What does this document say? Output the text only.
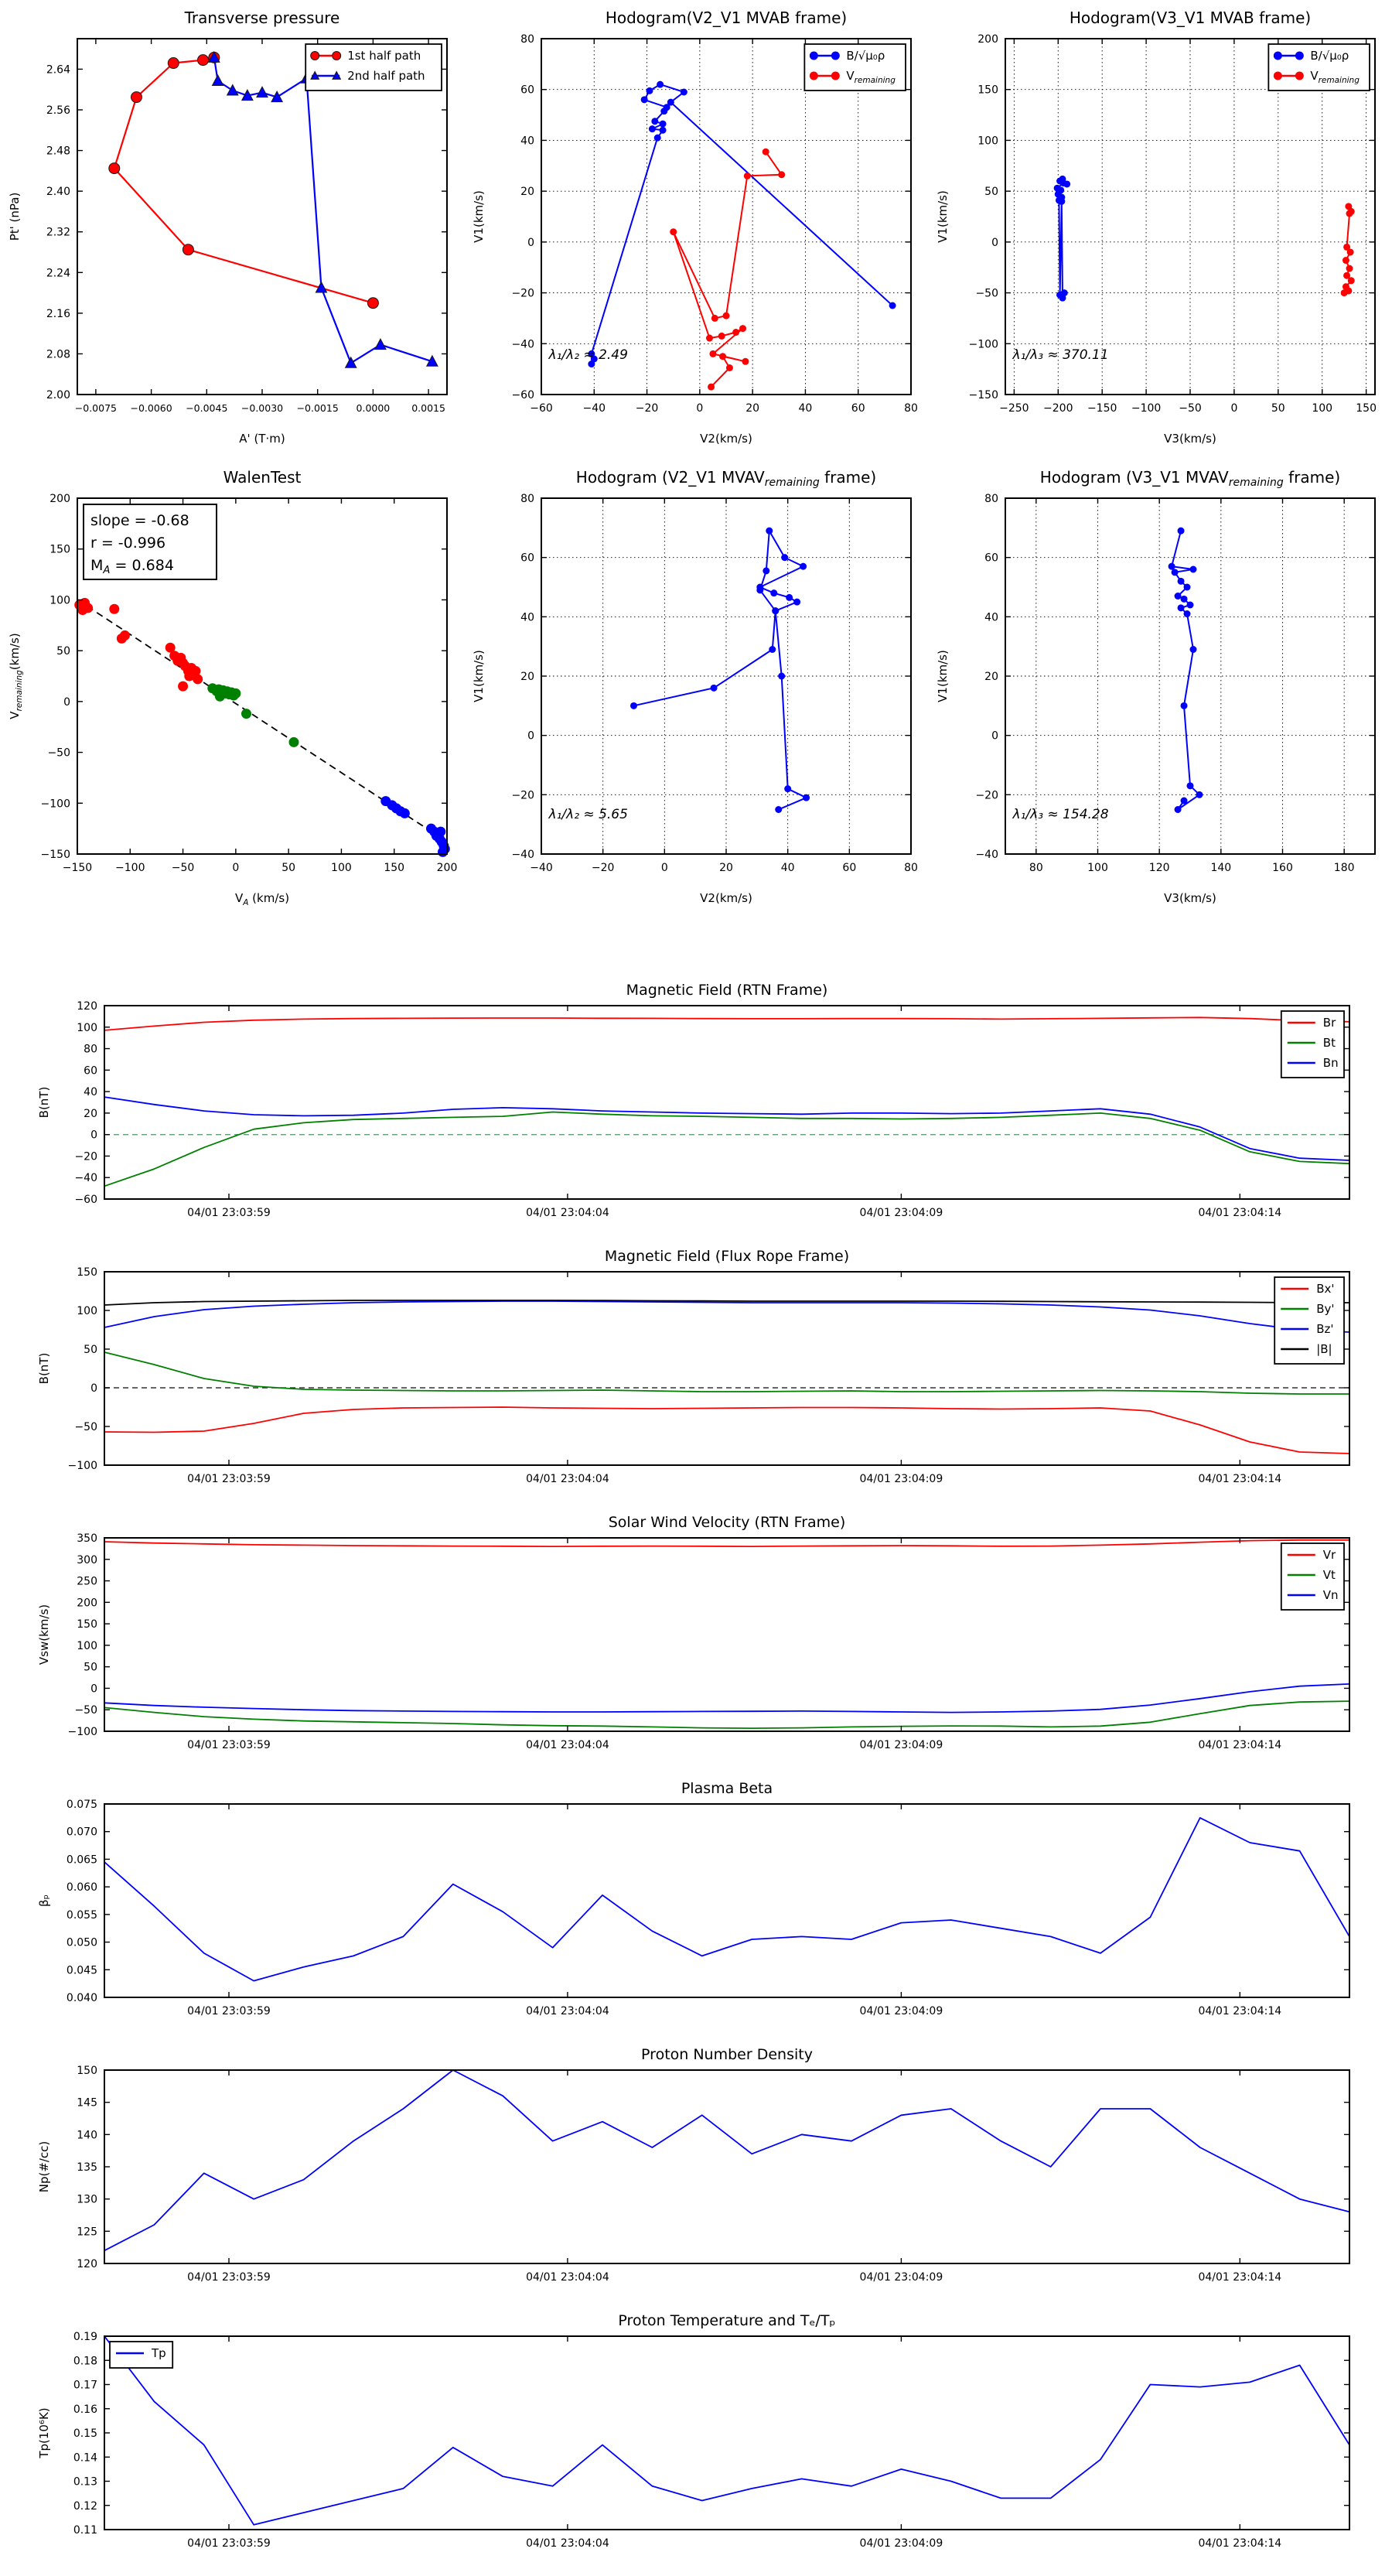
−0.0075 −0.0060 −0.0045 −0.0030 −0.0015 0.0000 0.0015
2.00
2.08
2.16
2.24
2.32
2.40
2.48
2.56
2.64
Transverse pressure
A' (T·m)
Pt' (nPa)
1st half path
2nd half path
−60	−40	−20	0	20	40	60	80
−60
−40
−20
0
20
40
60
80
Hodogram(V2_V1 MVAB frame)
V2(km/s)
V1(km/s)
B/√μ₀ρ
$V_{remaining}$
λ₁/λ₂ ≈ 2.49
−250 −200 −150 −100 −50	0	50 100 150
−150
−100
−50
0
50
100
150
200
Hodogram(V3_V1 MVAB frame)
V3(km/s)
V1(km/s)
B/√μ₀ρ
$V_{remaining}$
λ₁/λ₃ ≈ 370.11
−150 −100 −50	0	50	100	150	200
−150
−100
−50
0
50
100
150
200
WalenTest
$V_A$ (km/s)
$V_{remaining}(km/s)$
slope = -0.68
r = -0.996
$M_A = 0.684$
−40	−20	0	20	40	60	80
−40
−20
0
20
40
60
80
Hodogram (V2_V1 $MVAV_{remaining}$ frame)
V2(km/s)
V1(km/s)
λ₁/λ₂ ≈ 5.65
80	100	120	140	160	180
−40
−20
0
20
40
60
80
Hodogram (V3_V1 $MVAV_{remaining}$ frame)
V3(km/s)
V1(km/s)
λ₁/λ₃ ≈ 154.28
04/01 23:03:59	04/01 23:04:04	04/01 23:04:09	04/01 23:04:14
−60
−40
−20
0
20
40
60
80
100
120
Magnetic Field (RTN Frame)
B(nT)
Br
Bt
Bn
04/01 23:03:59	04/01 23:04:04	04/01 23:04:09	04/01 23:04:14
−100
−50
0
50
100
150
Magnetic Field (Flux Rope Frame)
B(nT)
Bx'
By'
Bz'
|B|
04/01 23:03:59	04/01 23:04:04	04/01 23:04:09	04/01 23:04:14
−100
−50
0
50
100
150
200
250
300
350
Solar Wind Velocity (RTN Frame)
Vsw(km/s)
Vr
Vt
Vn
04/01 23:03:59	04/01 23:04:04	04/01 23:04:09	04/01 23:04:14
0.040
0.045
0.050
0.055
0.060
0.065
0.070
0.075
Plasma Beta
βₚ
04/01 23:03:59	04/01 23:04:04	04/01 23:04:09	04/01 23:04:14
120
125
130
135
140
145
150
Proton Number Density
Np(#/cc)
04/01 23:03:59	04/01 23:04:04	04/01 23:04:09	04/01 23:04:14
0.11
0.12
0.13
0.14
0.15
0.16
0.17
0.18
0.19
Proton Temperature and Tₑ/Tₚ
Tp(10⁶K)
Tp
